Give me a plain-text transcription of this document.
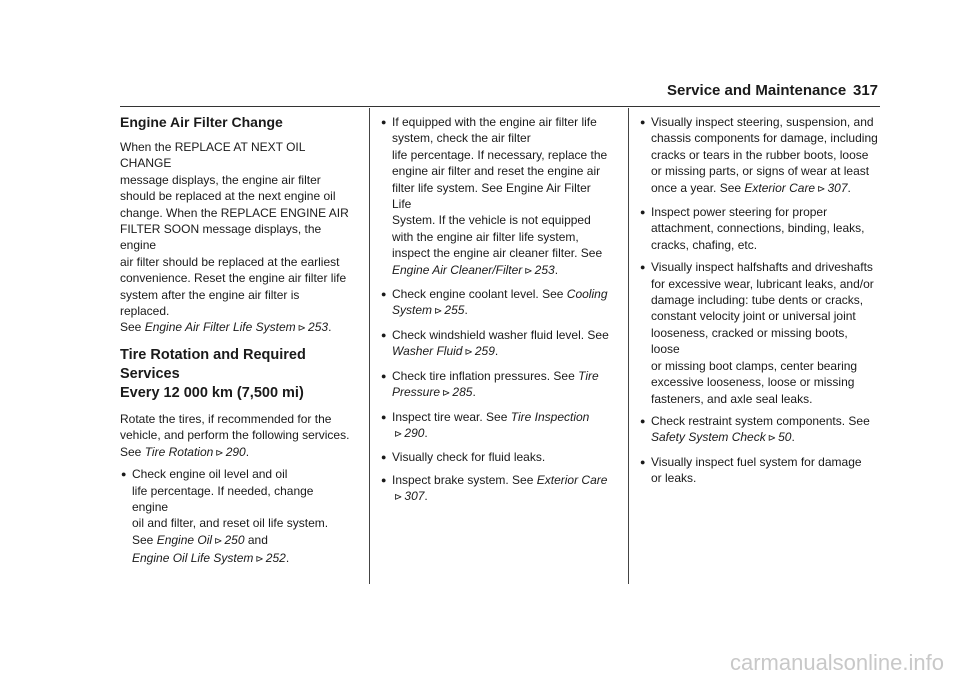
Service and Maintenance 317
Engine Air Filter Change

When the REPLACE AT NEXT OIL CHANGE
message displays, the engine air filter
should be replaced at the next engine oil
change. When the REPLACE ENGINE AIR
FILTER SOON message displays, the engine
air filter should be replaced at the earliest
convenience. Reset the engine air filter life
system after the engine air filter is replaced.
See Engine Air Filter Life System ⊳ 253.

Tire Rotation and Required Services
Every 12 000 km (7,500 mi)

Rotate the tires, if recommended for the
vehicle, and perform the following services.
See Tire Rotation ⊳ 290.

● Check engine oil level and oil
life percentage. If needed, change engine
oil and filter, and reset oil life system.
See Engine Oil ⊳ 250 and
Engine Oil Life System ⊳ 252.
● If equipped with the engine air filter life
system, check the air filter
life percentage. If necessary, replace the
engine air filter and reset the engine air
filter life system. See Engine Air Filter Life
System. If the vehicle is not equipped
with the engine air filter life system,
inspect the engine air cleaner filter. See
Engine Air Cleaner/Filter ⊳ 253.
● Check engine coolant level. See Cooling
System ⊳ 255.
● Check windshield washer fluid level. See
Washer Fluid ⊳ 259.
● Check tire inflation pressures. See Tire
Pressure ⊳ 285.
● Inspect tire wear. See Tire Inspection
⊳ 290.
● Visually check for fluid leaks.
● Inspect brake system. See Exterior Care
⊳ 307.
● Visually inspect steering, suspension, and
chassis components for damage, including
cracks or tears in the rubber boots, loose
or missing parts, or signs of wear at least
once a year. See Exterior Care ⊳ 307.
● Inspect power steering for proper
attachment, connections, binding, leaks,
cracks, chafing, etc.
● Visually inspect halfshafts and driveshafts
for excessive wear, lubricant leaks, and/or
damage including: tube dents or cracks,
constant velocity joint or universal joint
looseness, cracked or missing boots, loose
or missing boot clamps, center bearing
excessive looseness, loose or missing
fasteners, and axle seal leaks.
● Check restraint system components. See
Safety System Check ⊳ 50.
● Visually inspect fuel system for damage
or leaks.
carmanualsonline.info
